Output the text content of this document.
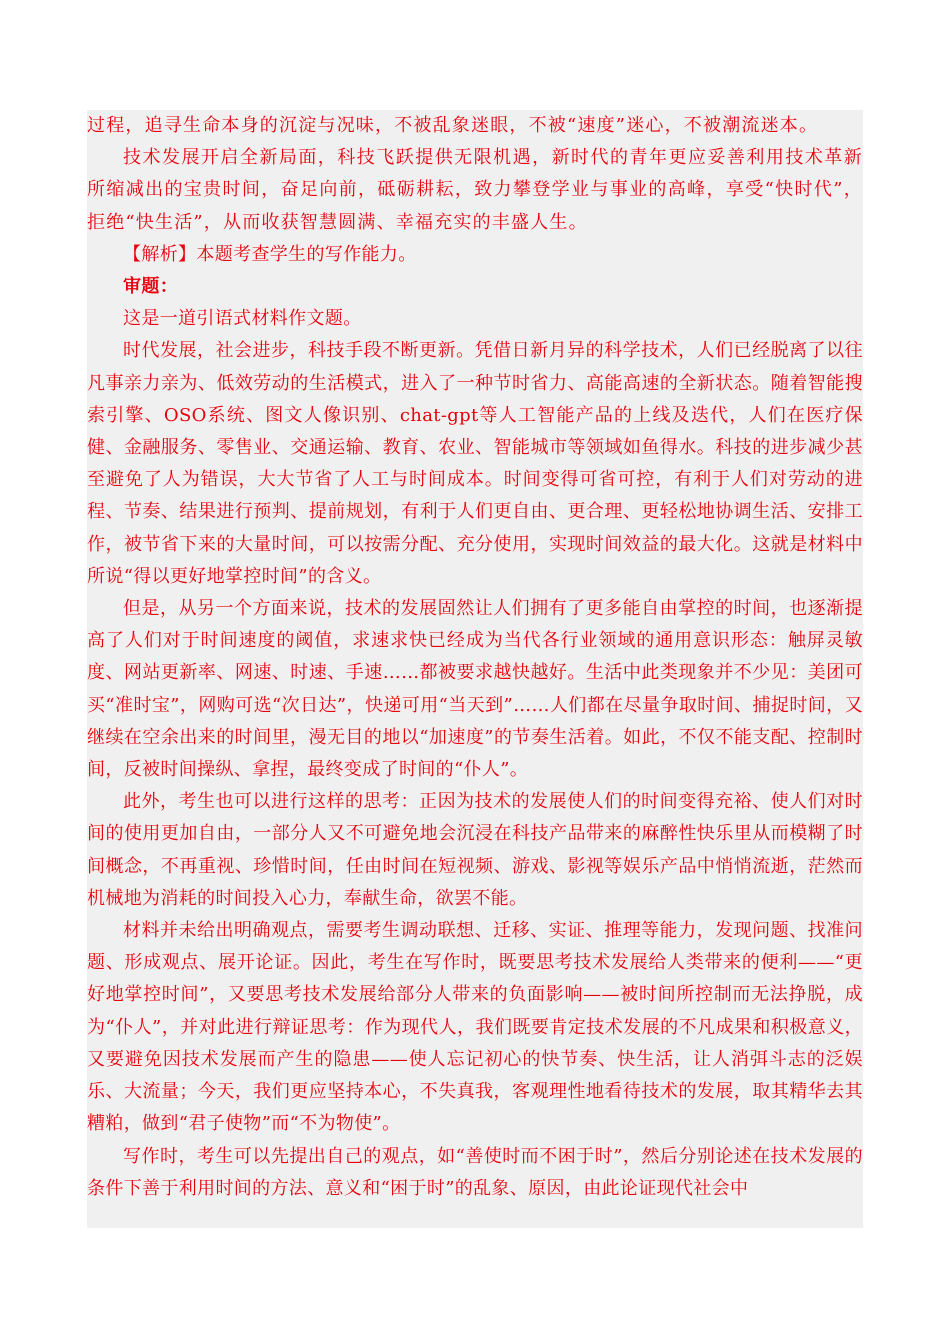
过程，追寻生命本身的沉淀与况味，不被乱象迷眼，不被“速度”迷心，不被潮流迷本。

技术发展开启全新局面，科技飞跃提供无限机遇，新时代的青年更应妥善利用技术革新所缩减出的宝贵时间，奋足向前，砥砺耕耘，致力攀登学业与事业的高峰，享受“快时代”，拒绝“快生活”，从而收获智慧圆满、幸福充实的丰盛人生。

【解析】本题考查学生的写作能力。

审题：

这是一道引语式材料作文题。

时代发展，社会进步，科技手段不断更新。凭借日新月异的科学技术，人们已经脱离了以往凡事亲力亲为、低效劳动的生活模式，进入了一种节时省力、高能高速的全新状态。随着智能搜索引擎、OSO系统、图文人像识别、chat-gpt等人工智能产品的上线及迭代，人们在医疗保健、金融服务、零售业、交通运输、教育、农业、智能城市等领域如鱼得水。科技的进步减少甚至避免了人为错误，大大节省了人工与时间成本。时间变得可省可控，有利于人们对劳动的进程、节奏、结果进行预判、提前规划，有利于人们更自由、更合理、更轻松地协调生活、安排工作，被节省下来的大量时间，可以按需分配、充分使用，实现时间效益的最大化。这就是材料中所说“得以更好地掌控时间”的含义。

但是，从另一个方面来说，技术的发展固然让人们拥有了更多能自由掌控的时间，也逐渐提高了人们对于时间速度的阈值，求速求快已经成为当代各行业领域的通用意识形态：触屏灵敏度、网站更新率、网速、时速、手速……都被要求越快越好。生活中此类现象并不少见：美团可买“准时宝”，网购可选“次日达”，快递可用“当天到”……人们都在尽量争取时间、捕捉时间，又继续在空余出来的时间里，漫无目的地以“加速度”的节奏生活着。如此，不仅不能支配、控制时间，反被时间操纵、拿捏，最终变成了时间的“仆人”。

此外，考生也可以进行这样的思考：正因为技术的发展使人们的时间变得充裕、使人们对时间的使用更加自由，一部分人又不可避免地会沉浸在科技产品带来的麻醉性快乐里从而模糊了时间概念，不再重视、珍惜时间，任由时间在短视频、游戏、影视等娱乐产品中悄悄流逝，茫然而机械地为消耗的时间投入心力，奉献生命，欲罢不能。

材料并未给出明确观点，需要考生调动联想、迁移、实证、推理等能力，发现问题、找准问题、形成观点、展开论证。因此，考生在写作时，既要思考技术发展给人类带来的便利——“更好地掌控时间”，又要思考技术发展给部分人带来的负面影响——被时间所控制而无法挣脱，成为“仆人”，并对此进行辩证思考：作为现代人，我们既要肯定技术发展的不凡成果和积极意义，又要避免因技术发展而产生的隐患——使人忘记初心的快节奏、快生活，让人消弭斗志的泛娱乐、大流量；今天，我们更应坚持本心，不失真我，客观理性地看待技术的发展，取其精华去其糟粕，做到“君子使物”而“不为物使”。

写作时，考生可以先提出自己的观点，如“善使时而不困于时”，然后分别论述在技术发展的条件下善于利用时间的方法、意义和“困于时”的乱象、原因，由此论证现代社会中
